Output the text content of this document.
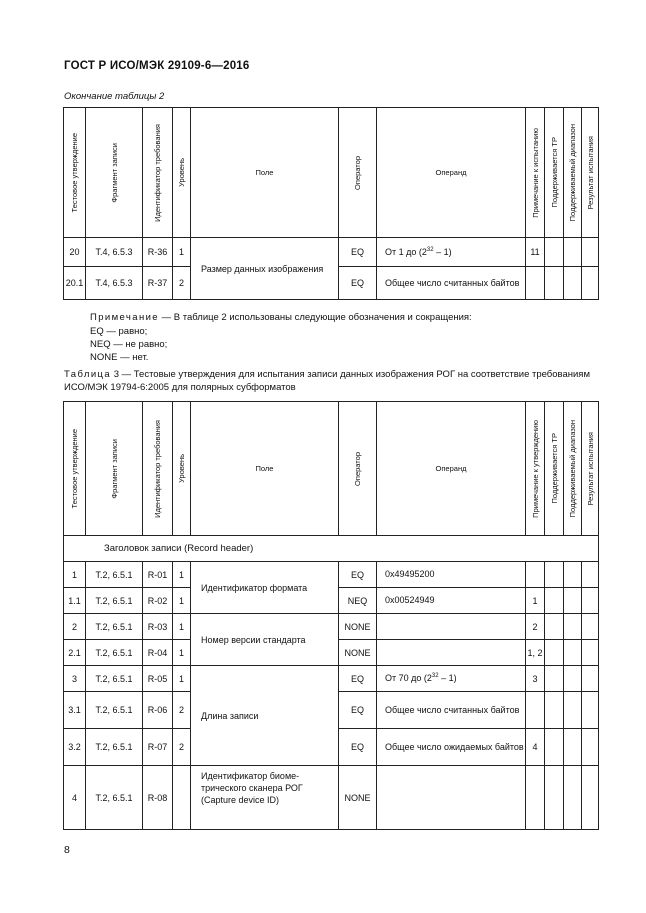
ГОСТ Р ИСО/МЭК 29109-6—2016
Окончание таблицы 2
Тестовое утверждение	Фрагмент записи	Идентификатор требования	Уровень	Поле	Оператор	Операнд	Примечание к испытанию	Поддерживается ТР	Поддерживаемый диапазон	Результат испытания

20	T.4, 6.5.3	R-36	1	Размер данных изображения	EQ	От 1 до $(2^{32} - 1)$	11			
20.1	T.4, 6.5.3	R-37	2		EQ	Общее число считанных байтов				
Примечание — В таблице 2 использованы следующие обозначения и сокращения:
EQ — равно;
NEQ — не равно;
NONE — нет.
Таблица 3 — Тестовые утверждения для испытания записи данных изображения РОГ на соответствие требованиям ИСО/МЭК 19794-6:2005 для полярных субформатов
Тестовое утверждение	Фрагмент записи	Идентификатор требования	Уровень	Поле	Оператор	Операнд	Примечание к утверждению	Поддерживается ТР	Поддерживаемый диапазон	Результат испытания

Заголовок записи (Record header)										
1	T.2, 6.5.1	R-01	1	Идентификатор формата	EQ	0x49495200				
1.1	T.2, 6.5.1	R-02	1		NEQ	0x00524949	1			
2	T.2, 6.5.1	R-03	1	Номер версии стандарта	NONE		2			
2.1	T.2, 6.5.1	R-04	1		NONE		1, 2			
3	T.2, 6.5.1	R-05	1	Длина записи	EQ	От 70 до $(2^{32} - 1)$	3			
3.1	T.2, 6.5.1	R-06	2		EQ	Общее число считанных байтов				
3.2	T.2, 6.5.1	R-07	2		EQ	Общее число ожидаемых байтов	4			
4	T.2, 6.5.1	R-08		Идентификатор биометрического сканера РОГ (Capture device ID)	NONE					
8
